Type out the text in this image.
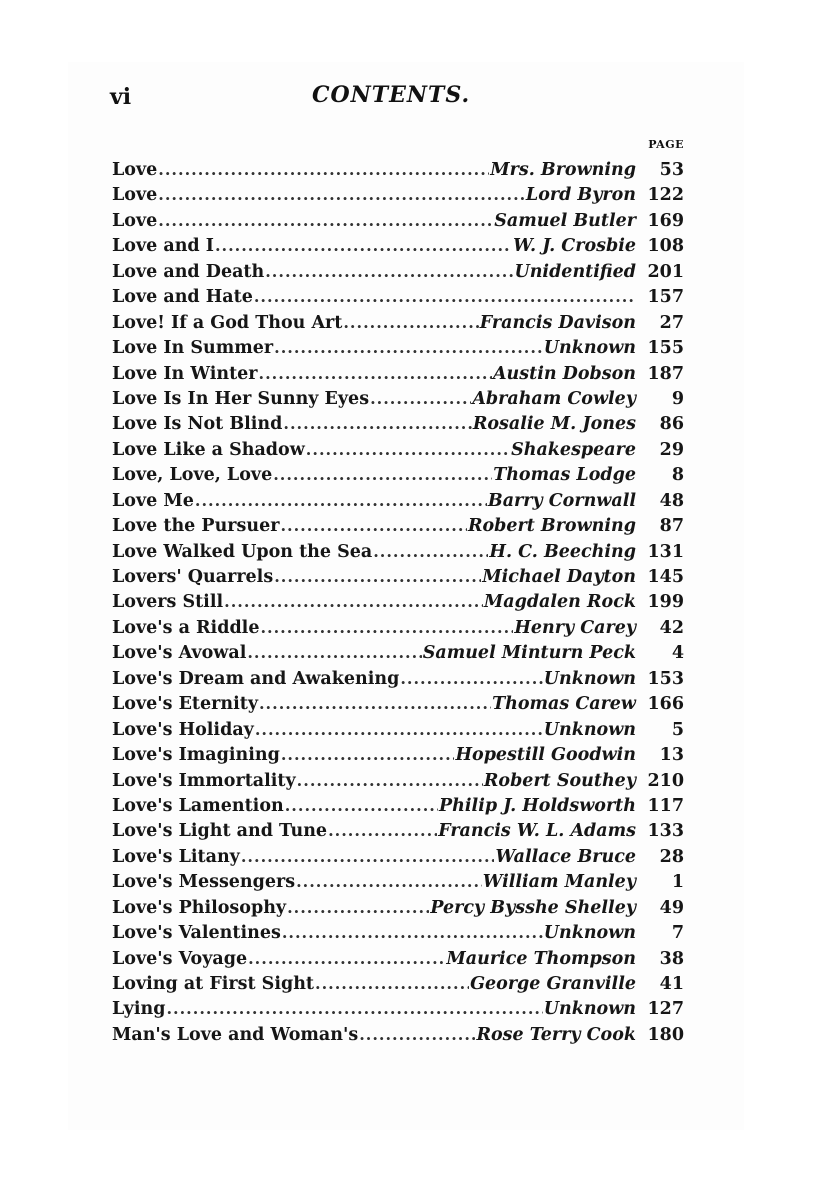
vi	CONTENTS.
PAGE
Love .....	Mrs. Browning	53
Love .....	Lord Byron 122
Love .....	Samuel Butler 169
Love and I .....	W. J. Crosbie 108
Love and Death .....	Unidentified 201
Love and Hate .....	157
Love! If a God Thou Art .....	Francis Davison	27
Love In Summer .....	Unknown 155
Love In Winter .....	Austin Dobson 187
Love Is In Her Sunny Eyes .....	Abraham Cowley	9
Love Is Not Blind .....	Rosalie M. Jones	86
Love Like a Shadow .....	Shakespeare	29
Love, Love, Love .....	Thomas Lodge	8
Love Me .....	Barry Cornwall	48
Love the Pursuer .....	Robert Browning	87
Love Walked Upon the Sea .....	H. C. Beeching 131
Lovers' Quarrels .....	Michael Dayton 145
Lovers Still .....	Magdalen Rock 199
Love's a Riddle .....	Henry Carey	42
Love's Avowal .....	Samuel Minturn Peck	4
Love's Dream and Awakening .....	Unknown 153
Love's Eternity .....	Thomas Carew 166
Love's Holiday .....	Unknown	5
Love's Imagining .....	Hopestill Goodwin	13
Love's Immortality .....	Robert Southey 210
Love's Lamention .....	Philip J. Holdsworth 117
Love's Light and Tune .....	Francis W. L. Adams 133
Love's Litany .....	Wallace Bruce	28
Love's Messengers .....	William Manley	1
Love's Philosophy .....	Percy Bysshe Shelley	49
Love's Valentines .....	Unknown	7
Love's Voyage .....	Maurice Thompson	38
Loving at First Sight .....	George Granville	41
Lying .....	Unknown 127
Man's Love and Woman's .....	Rose Terry Cook 180
